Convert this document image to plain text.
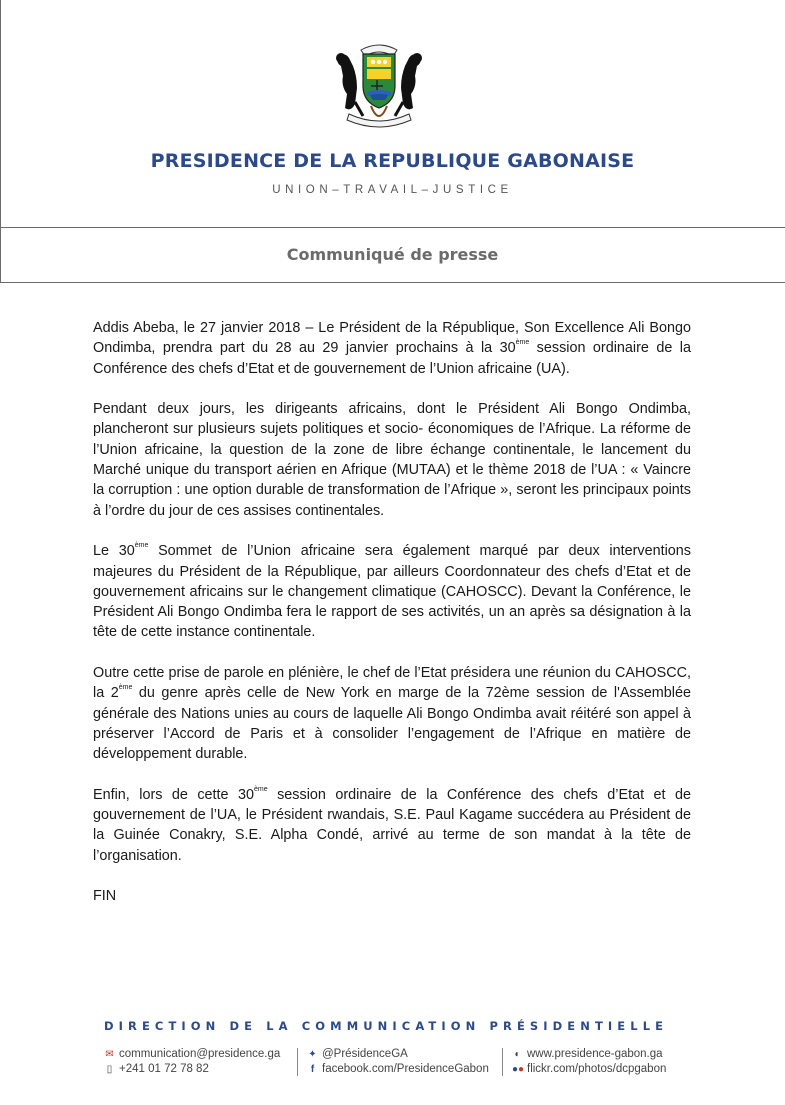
PRESIDENCE DE LA REPUBLIQUE GABONAISE
UNION–TRAVAIL–JUSTICE
Communiqué de presse

Addis Abeba, le 27 janvier 2018 – Le Président de la République, Son Excellence Ali Bongo Ondimba, prendra part du 28 au 29 janvier prochains à la 30ème session ordinaire de la Conférence des chefs d’Etat et de gouvernement de l’Union africaine (UA).

Pendant deux jours, les dirigeants africains, dont le Président Ali Bongo Ondimba, plancheront sur plusieurs sujets politiques et socio- économiques de l’Afrique. La réforme de l’Union africaine, la question de la zone de libre échange continentale, le lancement du Marché unique du transport aérien en Afrique (MUTAA) et le thème 2018 de l’UA : « Vaincre la corruption : une option durable de transformation de l’Afrique », seront les principaux points à l’ordre du jour de ces assises continentales.

Le 30ème Sommet de l’Union africaine sera également marqué par deux interventions majeures du Président de la République, par ailleurs Coordonnateur des chefs d’Etat et de gouvernement africains sur le changement climatique (CAHOSCC). Devant la Conférence, le Président Ali Bongo Ondimba fera le rapport de ses activités, un an après sa désignation à la tête de cette instance continentale.

Outre cette prise de parole en plénière, le chef de l’Etat présidera une réunion du CAHOSCC, la 2ème du genre après celle de New York en marge de la 72ème session de l'Assemblée générale des Nations unies au cours de laquelle Ali Bongo Ondimba avait réitéré son appel à préserver l’Accord de Paris et à consolider l’engagement de l’Afrique en matière de développement durable.

Enfin, lors de cette 30ème session ordinaire de la Conférence des chefs d’Etat et de gouvernement de l’UA, le Président rwandais, S.E. Paul Kagame succédera au Président de la Guinée Conakry, S.E. Alpha Condé, arrivé au terme de son mandat à la tête de l’organisation.

FIN

DIRECTION DE LA COMMUNICATION PRÉSIDENTIELLE
✉ communication@presidence.ga
▯ +241 01 72 78 82
✦ @PrésidenceGA
f facebook.com/PresidenceGabon
◐ www.presidence-gabon.ga
●● flickr.com/photos/dcpgabon
